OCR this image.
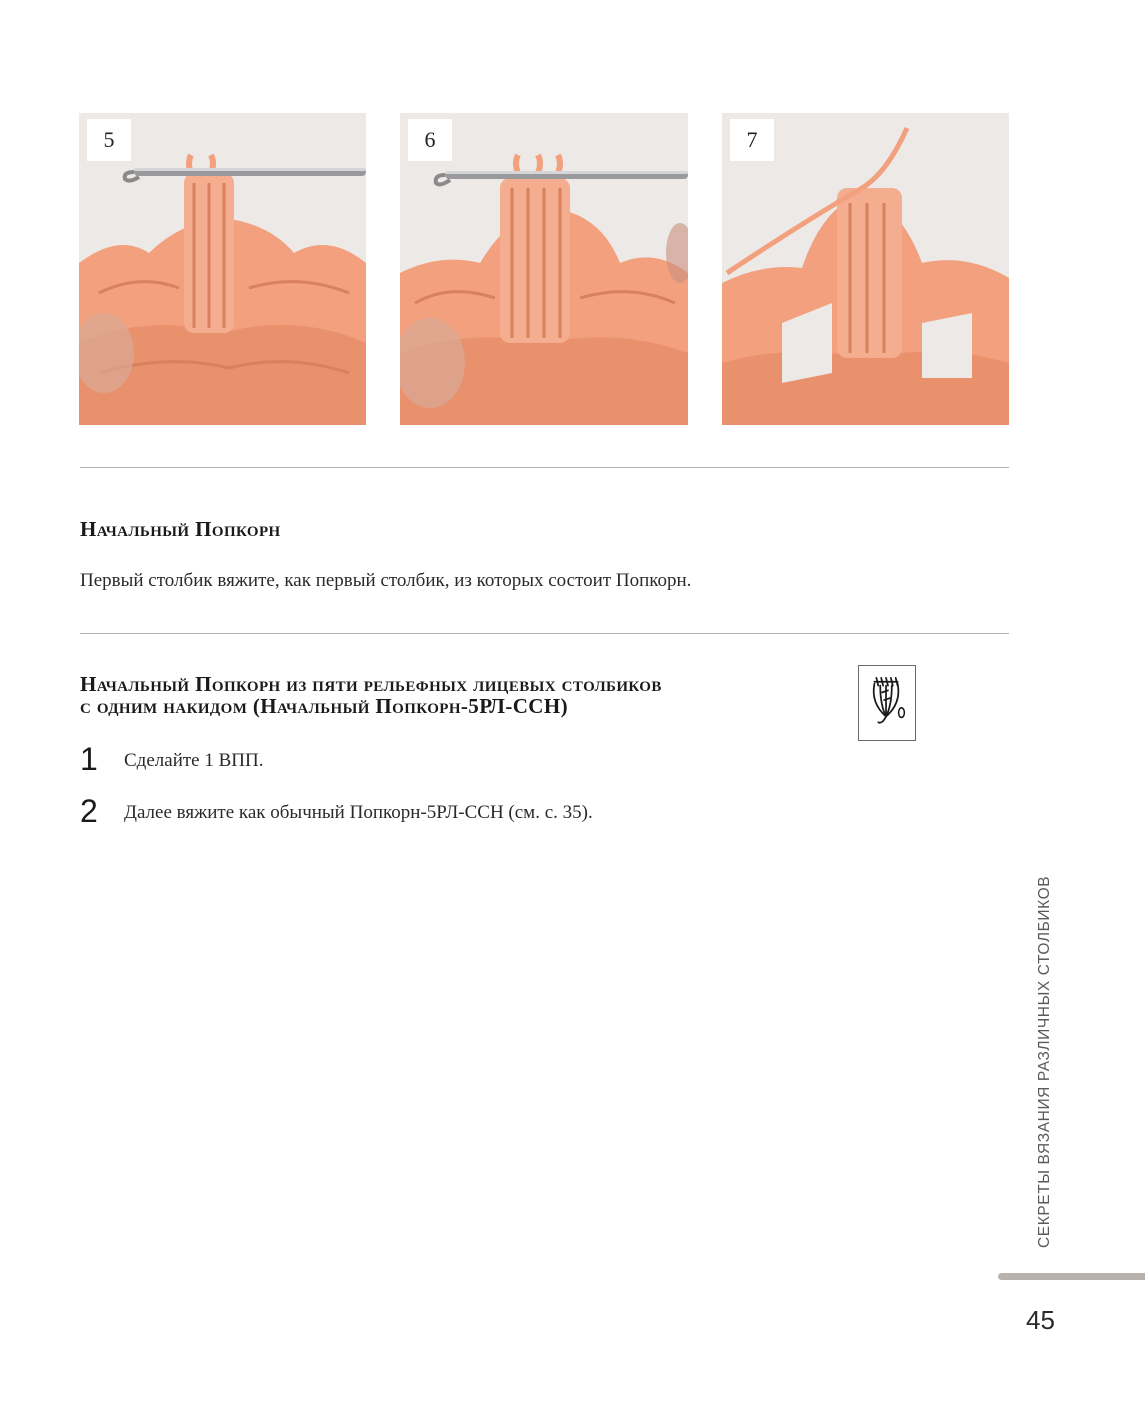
5	6	7
Начальный Попкорн

Первый столбик вяжите, как первый столбик, из которых состоит Попкорн.

Начальный Попкорн из пяти рельефных лицевых столбиков
с одним накидом (Начальный Попкорн-5РЛ-ССН)
1 Сделайте 1 ВПП.
2 Далее вяжите как обычный Попкорн-5РЛ-ССН (см. с. 35).
СЕКРЕТЫ ВЯЗАНИЯ РАЗЛИЧНЫХ СТОЛБИКОВ
45
